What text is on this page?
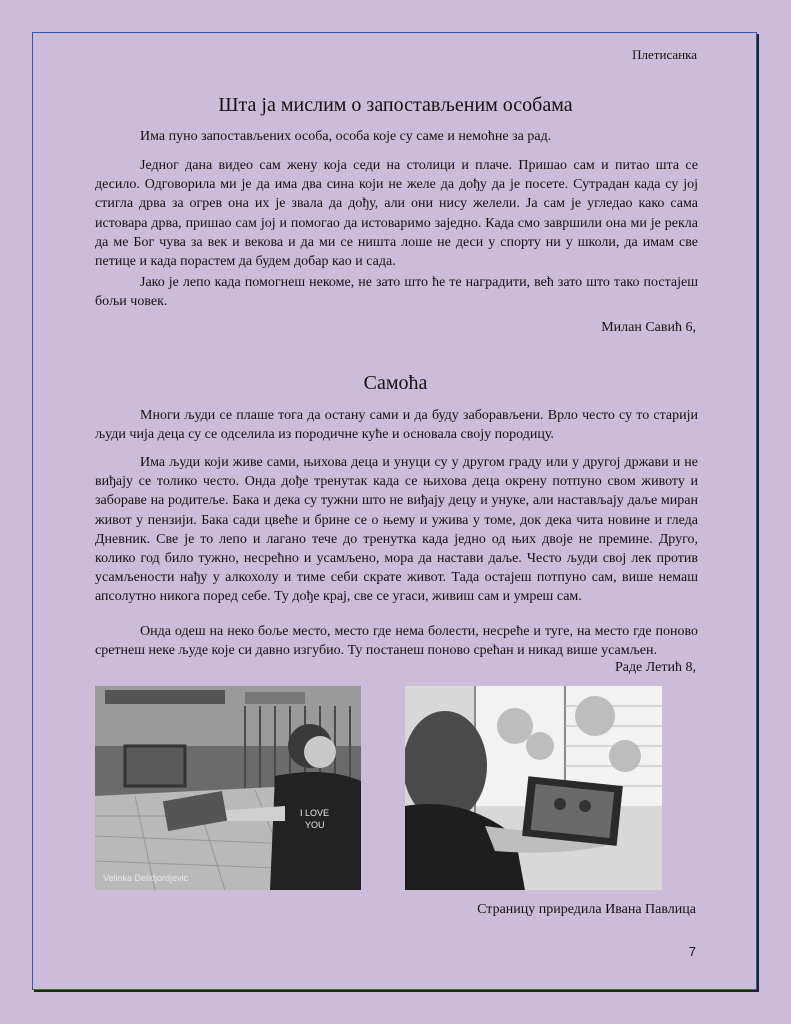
Плетисанка
Шта ја мислим о запостављеним особама

Има пуно запостављених особа, особа које су саме и немоћне за рад.

Једног дана видео сам жену која седи на столици и плаче. Пришао сам и питао шта се десило. Одговорила ми је да има два сина који не желе да дођу да је посете. Сутрадан када су јој стигла дрва за огрев она их је звала да дођу, али они нису желели. Ја сам је угледао како сама истовара дрва, пришао сам јој и помогао да истоваримо заједно. Када смо завршили она ми је рекла да ме Бог чува за век и векова и да ми се ништа лоше не деси у спорту ни у школи, да имам све петице и када порастем да будем добар као и сада.

Јако је лепо када помогнеш некоме, не зато што ће те наградити, већ зато што тако постајеш бољи човек.

Милан Савић 6,
Самоћа

Многи људи се плаше тога да остану сами и да буду заборављени. Врло често су то старији људи чија деца су се одселила из породичне куће и основала своју породицу.

Има људи који живе сами, њихова деца и унуци су у другом граду или у другој држави и не виђају се толико често. Онда дође тренутак када се њихова деца окрену потпуно свом животу и забораве на родитеље. Бака и дека су тужни што не виђају децу и унуке, али настављају даље миран живот у пензији. Бака сади цвеће и брине се о њему и ужива у томе, док дека чита новине и гледа Дневник. Све је то лепо и лагано тече до тренутка када једно од њих двоје не премине. Друго, колико год било тужно, несрећно и усамљено, мора да настави даље. Често људи свој лек против усамљености нађу у алкохолу и тиме себи скрате живот. Тада остајеш потпуно сам, више немаш апсолутно никога поред себе. Ту дође крај, све се угаси, живиш сам и умреш сам.

Онда одеш на неко боље место, место где нема болести, несреће и туге, на место где поново сретнеш неке људе које си давно изгубио. Ту постанеш поново срећан и никад више усамљен.

Раде Летић 8,
I LOVE
YOU
Velinka Delidjordjevic
Страницу приредила Ивана Павлица
7
